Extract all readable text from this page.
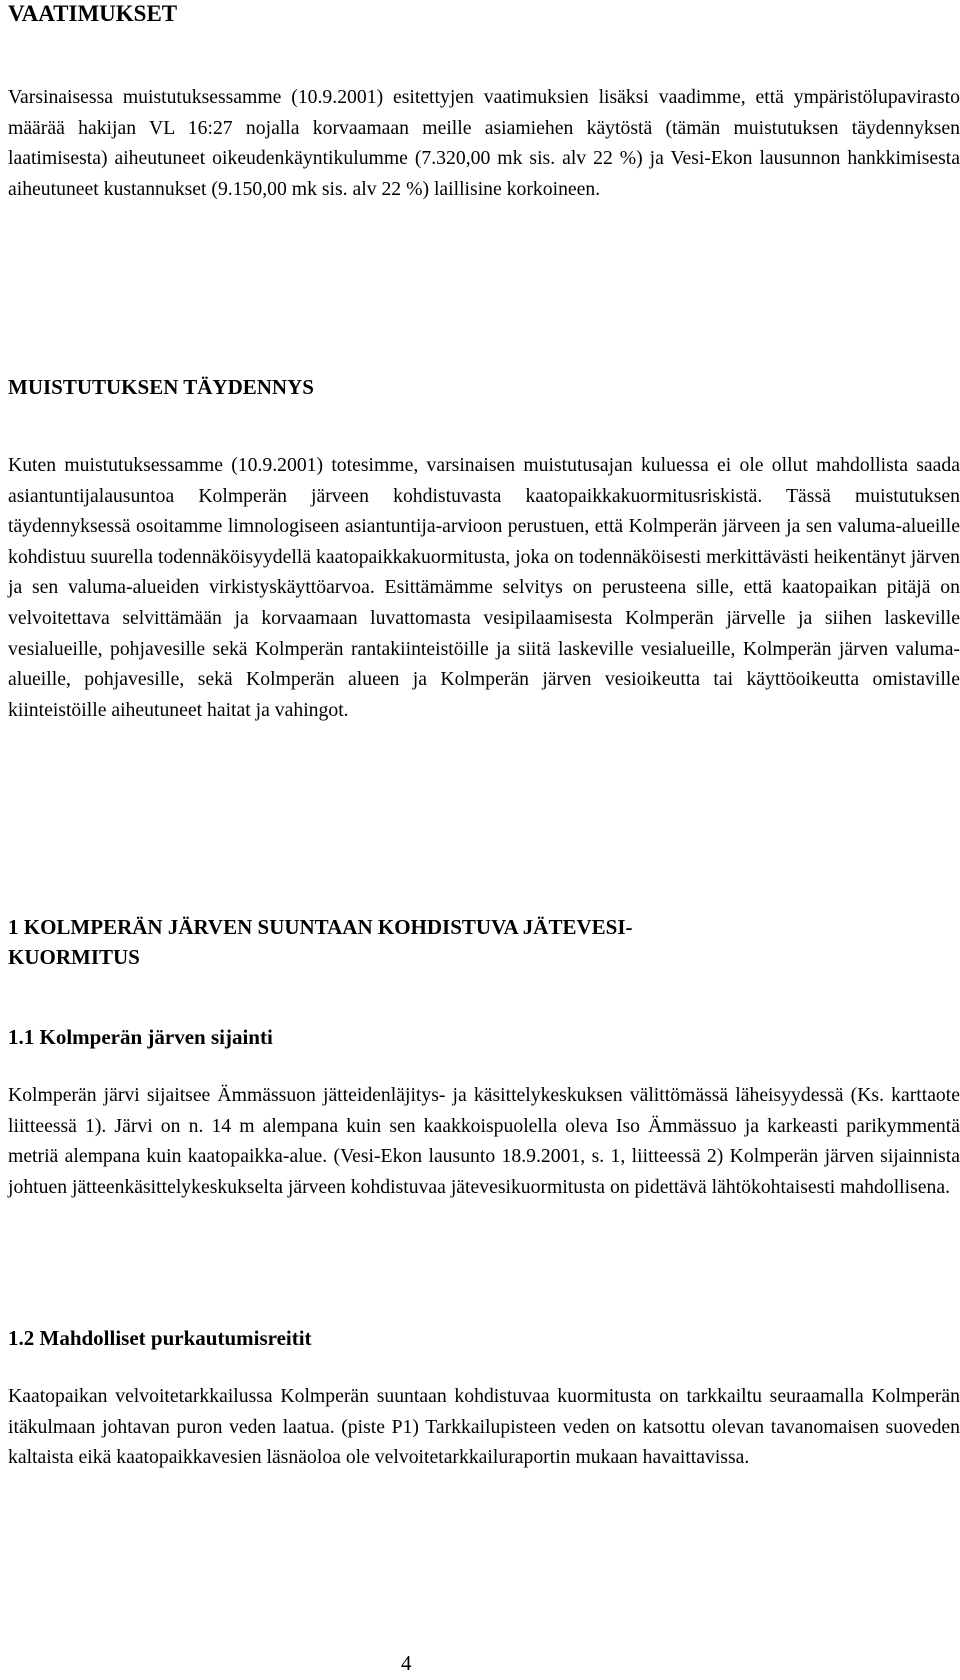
VAATIMUKSET

Varsinaisessa muistutuksessamme (10.9.2001) esitettyjen vaatimuksien lisäksi vaadimme, että ympäristölupavirasto määrää hakijan VL 16:27 nojalla korvaamaan meille asiamiehen käytöstä (tämän muistutuksen täydennyksen laatimisesta) aiheutuneet oikeudenkäyntikulumme (7.320,00 mk sis. alv 22 %) ja Vesi-Ekon lausunnon hankkimisesta aiheutuneet kustannukset (9.150,00 mk sis. alv 22 %) laillisine korkoineen.

MUISTUTUKSEN TÄYDENNYS

Kuten muistutuksessamme (10.9.2001) totesimme, varsinaisen muistutusajan kuluessa ei ole ollut mahdollista saada asiantuntijalausuntoa Kolmperän järveen kohdistuvasta kaatopaikkakuormitusriskistä. Tässä muistutuksen täydennyksessä osoitamme limnologiseen asiantuntija-arvioon perustuen, että Kolmperän järveen ja sen valuma-alueille kohdistuu suurella todennäköisyydellä kaatopaikkakuormitusta, joka on todennäköisesti merkittävästi heikentänyt järven ja sen valuma-alueiden virkistyskäyttöarvoa. Esittämämme selvitys on perusteena sille, että kaatopaikan pitäjä on velvoitettava selvittämään ja korvaamaan luvattomasta vesipilaamisesta Kolmperän järvelle ja siihen laskeville vesialueille, pohjavesille sekä Kolmperän rantakiinteistöille ja siitä laskeville vesialueille, Kolmperän järven valuma-alueille, pohjavesille, sekä Kolmperän alueen ja Kolmperän järven vesioikeutta tai käyttöoikeutta omistaville kiinteistöille aiheutuneet haitat ja vahingot.

1 KOLMPERÄN JÄRVEN SUUNTAAN KOHDISTUVA JÄTEVESI-
KUORMITUS
1.1 Kolmperän järven sijainti

Kolmperän järvi sijaitsee Ämmässuon jätteidenläjitys- ja käsittelykeskuksen välittömässä läheisyydessä (Ks. karttaote liitteessä 1). Järvi on n. 14 m alempana kuin sen kaakkoispuolella oleva Iso Ämmässuo ja karkeasti parikymmentä metriä alempana kuin kaatopaikka-alue. (Vesi-Ekon lausunto 18.9.2001, s. 1, liitteessä 2) Kolmperän järven sijainnista johtuen jätteenkäsittelykeskukselta järveen kohdistuvaa jätevesikuormitusta on pidettävä lähtökohtaisesti mahdollisena.

1.2 Mahdolliset purkautumisreitit

Kaatopaikan velvoitetarkkailussa Kolmperän suuntaan kohdistuvaa kuormitusta on tarkkailtu seuraamalla Kolmperän itäkulmaan johtavan puron veden laatua. (piste P1) Tarkkailupisteen veden on katsottu olevan tavanomaisen suoveden kaltaista eikä kaatopaikkavesien läsnäoloa ole velvoitetarkkailuraportin mukaan havaittavissa.

4
